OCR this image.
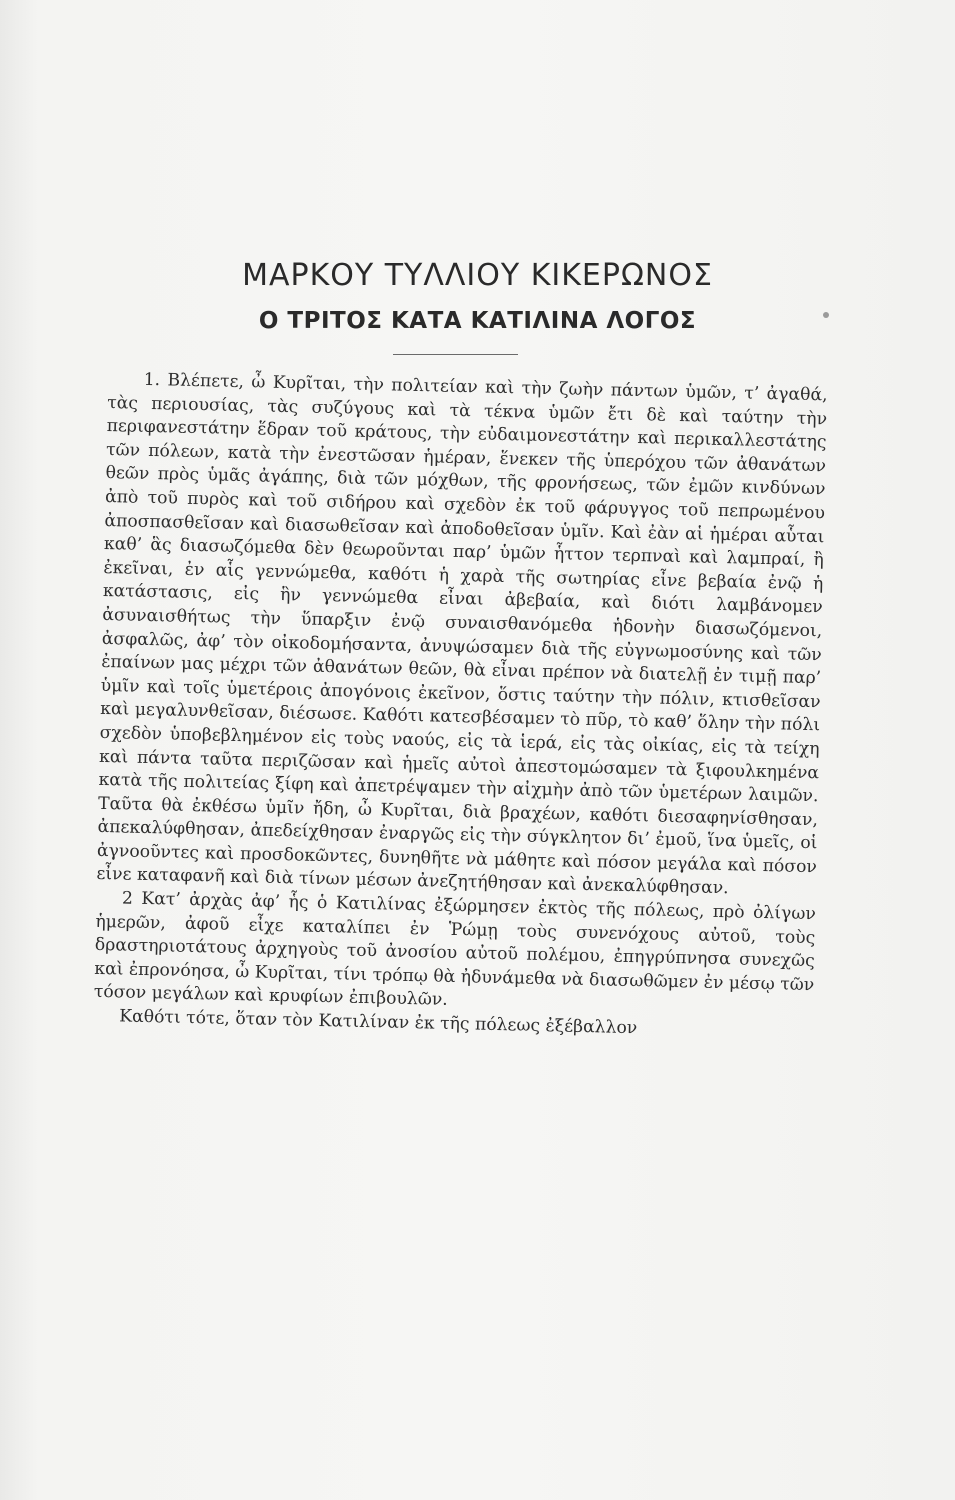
ΜΑΡΚΟΥ ΤΥΛΛΙΟΥ ΚΙΚΕΡΩΝΟΣ
Ο ΤΡΙΤΟΣ ΚΑΤΑ ΚΑΤΙΛΙΝΑ ΛΟΓΟΣ

1. Βλέπετε, ὦ Κυρῖται, τὴν πολιτείαν καὶ τὴν ζωὴν πάντων ὑμῶν, τ’ ἀγαθά, τὰς περιουσίας, τὰς συζύγους καὶ τὰ τέκνα ὑμῶν ἔτι δὲ καὶ ταύτην τὴν περιφανεστάτην ἕδραν τοῦ κράτους, τὴν εὐδαιμονεστάτην καὶ περικαλλεστάτης τῶν πόλεων, κατὰ τὴν ἐνεστῶσαν ἡμέραν, ἕνεκεν τῆς ὑπερόχου τῶν ἀθανάτων θεῶν πρὸς ὑμᾶς ἀγάπης, διὰ τῶν μόχθων, τῆς φρονήσεως, τῶν ἐμῶν κινδύνων ἀπὸ τοῦ πυρὸς καὶ τοῦ σιδήρου καὶ σχεδὸν ἐκ τοῦ φάρυγγος τοῦ πεπρωμένου ἀποσπασθεῖσαν καὶ διασωθεῖσαν καὶ ἀποδοθεῖσαν ὑμῖν. Καὶ ἐὰν αἱ ἡμέραι αὗται καθ’ ἃς διασωζόμεθα δὲν θεωροῦνται παρ’ ὑμῶν ἧττον τερπναὶ καὶ λαμπραί, ἢ ἐκεῖναι, ἐν αἷς γεννώμεθα, καθότι ἡ χαρὰ τῆς σωτηρίας εἶνε βεβαία ἐνῷ ἡ κατάστασις, εἰς ἣν γεννώμεθα εἶναι ἀβεβαία, καὶ διότι λαμβάνομεν ἀσυναισθήτως τὴν ὕπαρξιν ἐνῷ συναισθανόμεθα ἡδονὴν διασωζόμενοι, ἀσφαλῶς, ἀφ’ τὸν οἰκοδομήσαντα, ἀνυψώσαμεν διὰ τῆς εὐγνωμοσύνης καὶ τῶν ἐπαίνων μας μέχρι τῶν ἀθανάτων θεῶν, θὰ εἶναι πρέπον νὰ διατελῇ ἐν τιμῇ παρ’ ὑμῖν καὶ τοῖς ὑμετέροις ἀπογόνοις ἐκεῖνον, ὅστις ταύτην τὴν πόλιν, κτισθεῖσαν καὶ μεγαλυνθεῖσαν, διέσωσε. Καθότι κατεσβέσαμεν τὸ πῦρ, τὸ καθ’ ὅλην τὴν πόλι σχεδὸν ὑποβεβλημένον εἰς τοὺς ναούς, εἰς τὰ ἱερά, εἰς τὰς οἰκίας, εἰς τὰ τείχη καὶ πάντα ταῦτα περιζῶσαν καὶ ἡμεῖς αὐτοὶ ἀπεστομώσαμεν τὰ ξιφουλκημένα κατὰ τῆς πολιτείας ξίφη καὶ ἀπετρέψαμεν τὴν αἰχμὴν ἀπὸ τῶν ὑμετέρων λαιμῶν. Ταῦτα θὰ ἐκθέσω ὑμῖν ἤδη, ὦ Κυρῖται, διὰ βραχέων, καθότι διεσαφηνίσθησαν, ἀπεκαλύφθησαν, ἀπεδείχθησαν ἐναργῶς εἰς τὴν σύγκλητον δι’ ἐμοῦ, ἵνα ὑμεῖς, οἱ ἀγνοοῦντες καὶ προσδοκῶντες, δυνηθῆτε νὰ μάθητε καὶ πόσον μεγάλα καὶ πόσον εἶνε καταφανῆ καὶ διὰ τίνων μέσων ἀνεζητήθησαν καὶ ἀνεκαλύφθησαν.

2 Κατ’ ἀρχὰς ἀφ’ ἧς ὁ Κατιλίνας ἐξώρμησεν ἐκτὸς τῆς πόλεως, πρὸ ὀλίγων ἡμερῶν, ἀφοῦ εἶχε καταλίπει ἐν Ῥώμῃ τοὺς συνενόχους αὐτοῦ, τοὺς δραστηριοτάτους ἀρχηγοὺς τοῦ ἀνοσίου αὐτοῦ πολέμου, ἐπηγρύπνησα συνεχῶς καὶ ἐπρονόησα, ὦ Κυρῖται, τίνι τρόπῳ θὰ ἠδυνάμεθα νὰ διασωθῶμεν ἐν μέσῳ τῶν τόσον μεγάλων καὶ κρυφίων ἐπιβουλῶν.

Καθότι τότε, ὅταν τὸν Κατιλίναν ἐκ τῆς πόλεως ἐξέβαλλον
